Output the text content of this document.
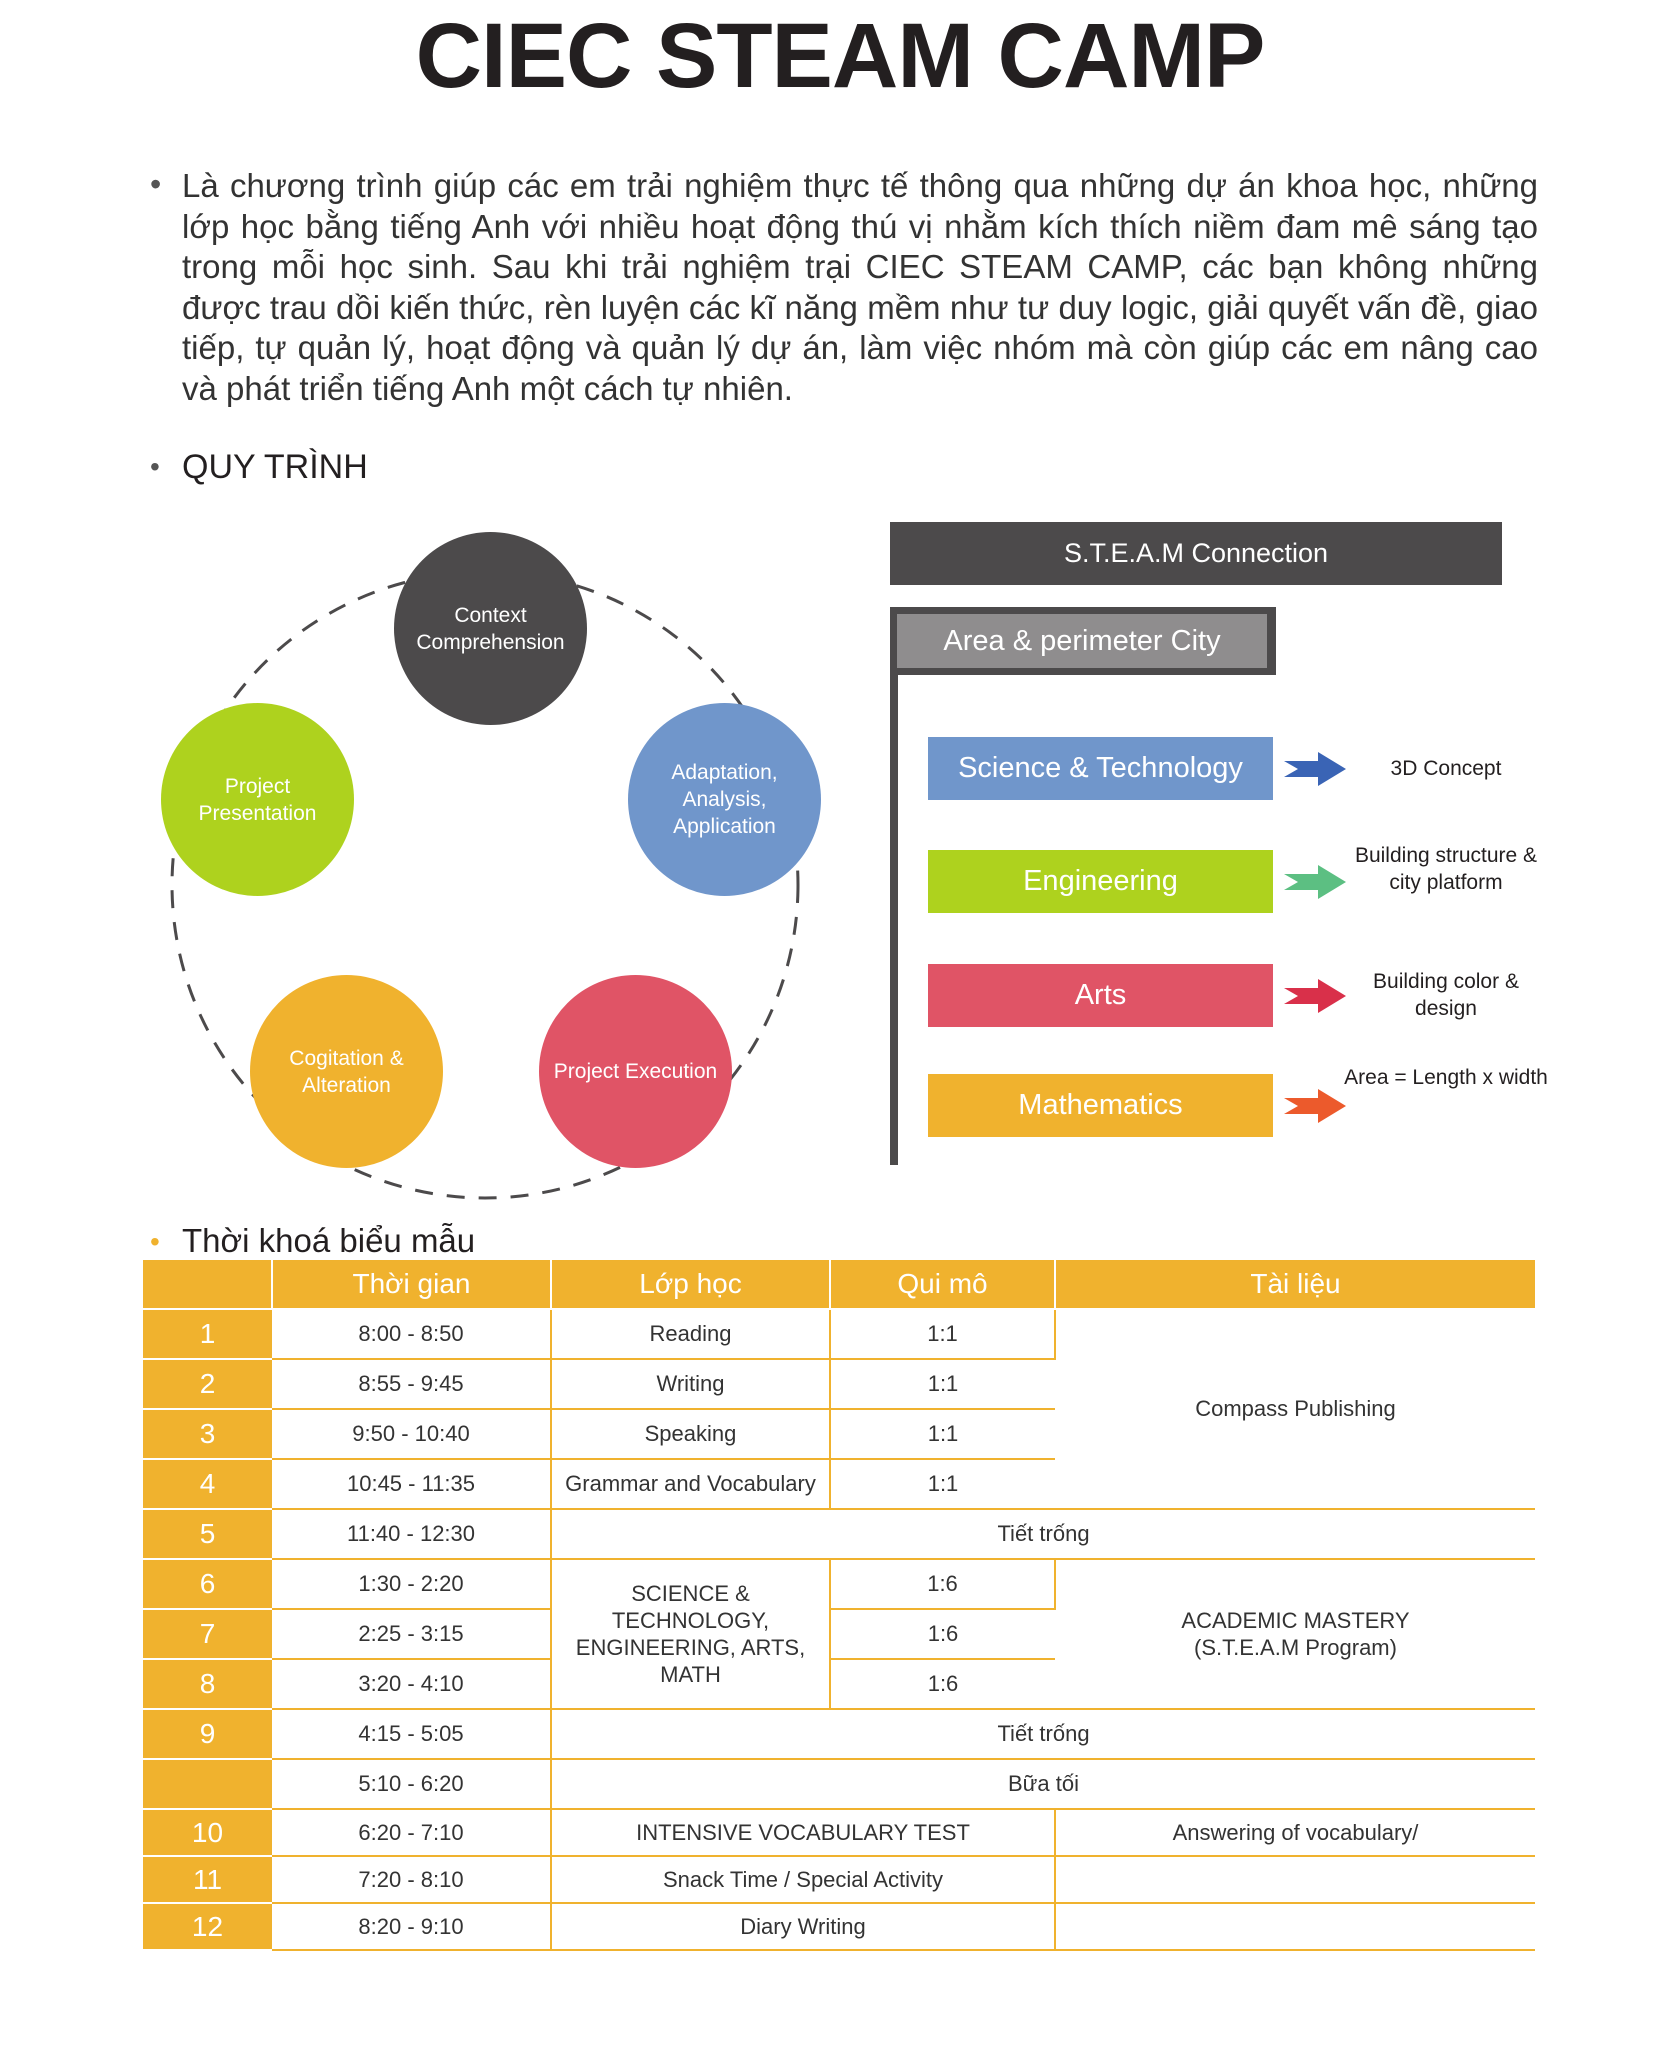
CIEC STEAM CAMP
• Là chương trình giúp các em trải nghiệm thực tế thông qua những dự án khoa học, những lớp học bằng tiếng Anh với nhiều hoạt động thú vị nhằm kích thích niềm đam mê sáng tạo trong mỗi học sinh. Sau khi trải nghiệm trại CIEC STEAM CAMP, các bạn không những được trau dồi kiến thức, rèn luyện các kĩ năng mềm như tư duy logic, giải quyết vấn đề, giao tiếp, tự quản lý, hoạt động và quản lý dự án, làm việc nhóm mà còn giúp các em nâng cao và phát triển tiếng Anh một cách tự nhiên.
• QUY TRÌNH
Context Comprehension
Adaptation, Analysis, Application
Project Execution
Cogitation & Alteration
Project Presentation
S.T.E.A.M Connection
Area & perimeter City
Science & Technology	3D Concept
Engineering
Building structure & city platform
Arts	Building color & design
Mathematics
Area = Length x width
• Thời khoá biểu mẫu
	Thời gian	Lớp học	Qui mô	Tài liệu
1	8:00 - 8:50	Reading	1:1	Compass Publishing
2	8:55 - 9:45	Writing	1:1	
3	9:50 - 10:40	Speaking	1:1	
4	10:45 - 11:35	Grammar and Vocabulary	1:1	
5	11:40 - 12:30	Tiết trống		
6	1:30 - 2:20	SCIENCE & TECHNOLOGY, ENGINEERING, ARTS, MATH	1:6	ACADEMIC MASTERY
(S.T.E.A.M Program)

7	2:25 - 3:15		1:6	
8	3:20 - 4:10		1:6	
9	4:15 - 5:05	Tiết trống		
	5:10 - 6:20	Bữa tối		
10	6:20 - 7:10	INTENSIVE VOCABULARY TEST		Answering of vocabulary/
11	7:20 - 8:10	Snack Time / Special Activity		
12	8:20 - 9:10	Diary Writing		
